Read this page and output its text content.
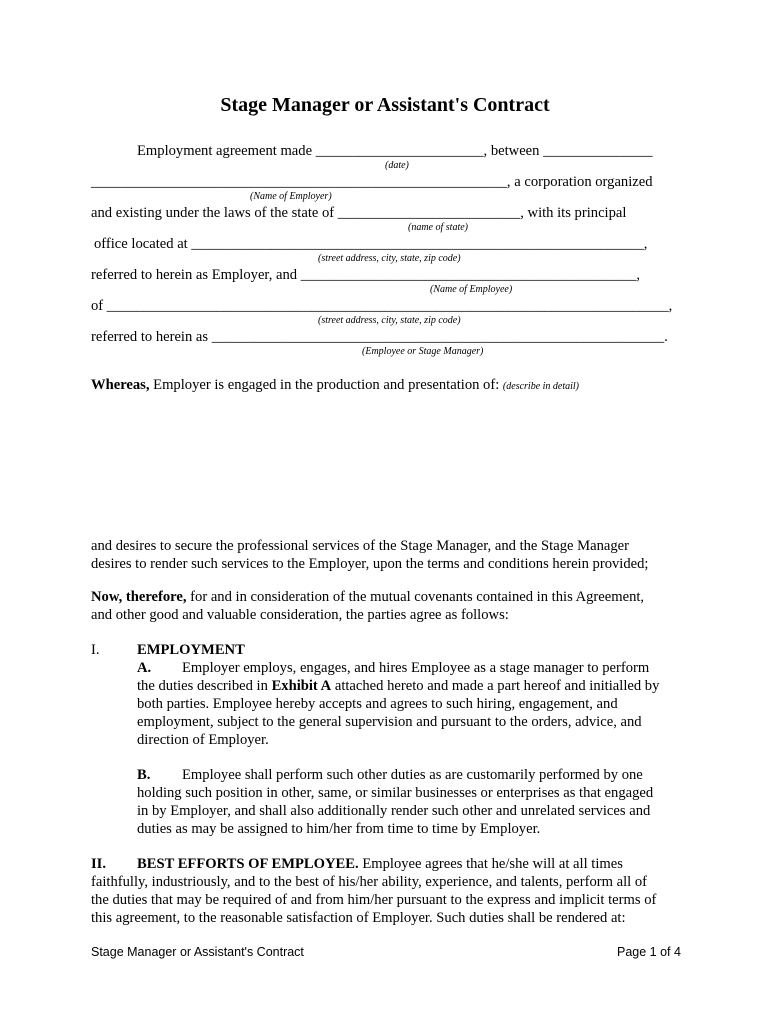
Stage Manager or Assistant's Contract
Employment agreement made _______________________, between _______________
(date)
_________________________________________________________, a corporation organized
(Name of Employer)
and existing under the laws of the state of _________________________, with its principal
(name of state)
office located at ______________________________________________________________,
(street address, city, state, zip code)
referred to herein as Employer, and ______________________________________________,
(Name of Employee)
of _____________________________________________________________________________,
(street address, city, state, zip code)
referred to herein as ______________________________________________________________.
(Employee or Stage Manager)
Whereas, Employer is engaged in the production and presentation of: (describe in detail)
and desires to secure the professional services of the Stage Manager, and the Stage Manager
desires to render such services to the Employer, upon the terms and conditions herein provided;
Now, therefore, for and in consideration of the mutual covenants contained in this Agreement,
and other good and valuable consideration, the parties agree as follows:
I.	EMPLOYMENT
A. Employer employs, engages, and hires Employee as a stage manager to perform
the duties described in Exhibit A attached hereto and made a part hereof and initialled by
both parties. Employee hereby accepts and agrees to such hiring, engagement, and
employment, subject to the general supervision and pursuant to the orders, advice, and
direction of Employer.
B. Employee shall perform such other duties as are customarily performed by one
holding such position in other, same, or similar businesses or enterprises as that engaged
in by Employer, and shall also additionally render such other and unrelated services and
duties as may be assigned to him/her from time to time by Employer.
II. BEST EFFORTS OF EMPLOYEE. Employee agrees that he/she will at all times
faithfully, industriously, and to the best of his/her ability, experience, and talents, perform all of
the duties that may be required of and from him/her pursuant to the express and implicit terms of
this agreement, to the reasonable satisfaction of Employer. Such duties shall be rendered at:
Stage Manager or Assistant's Contract	Page 1 of 4
